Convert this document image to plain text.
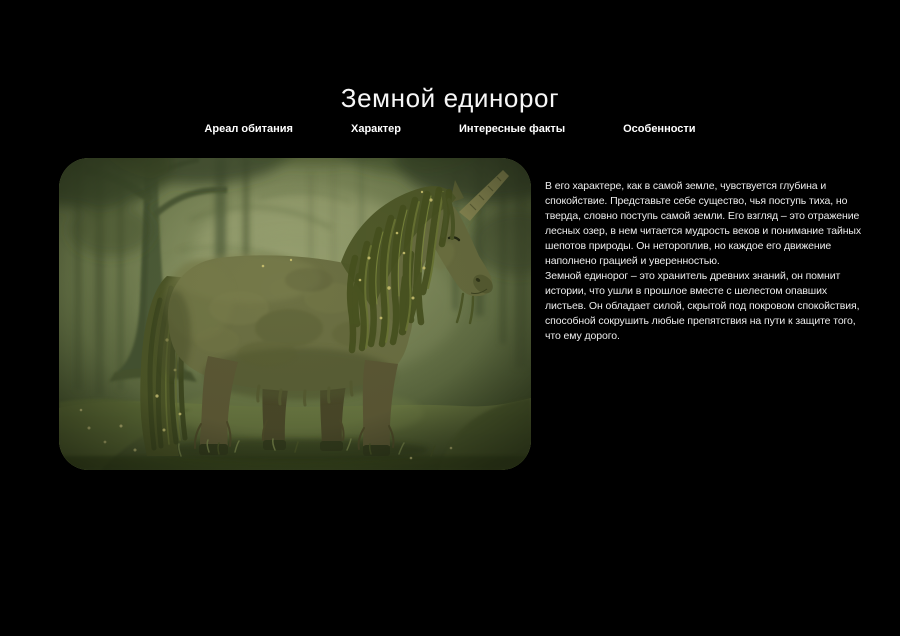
Земной единорог
Ареал обитания	Характер	Интересные факты	Особенности

В его характере, как в самой земле, чувствуется глубина и спокойствие. Представьте себе существо, чья поступь тиха, но тверда, словно поступь самой земли. Его взгляд – это отражение лесных озер, в нем читается мудрость веков и понимание тайных шепотов природы. Он нетороплив, но каждое его движение наполнено грацией и уверенностью.

Земной единорог – это хранитель древних знаний, он помнит истории, что ушли в прошлое вместе с шелестом опавших листьев. Он обладает силой, скрытой под покровом спокойствия, способной сокрушить любые препятствия на пути к защите того, что ему дорого.
